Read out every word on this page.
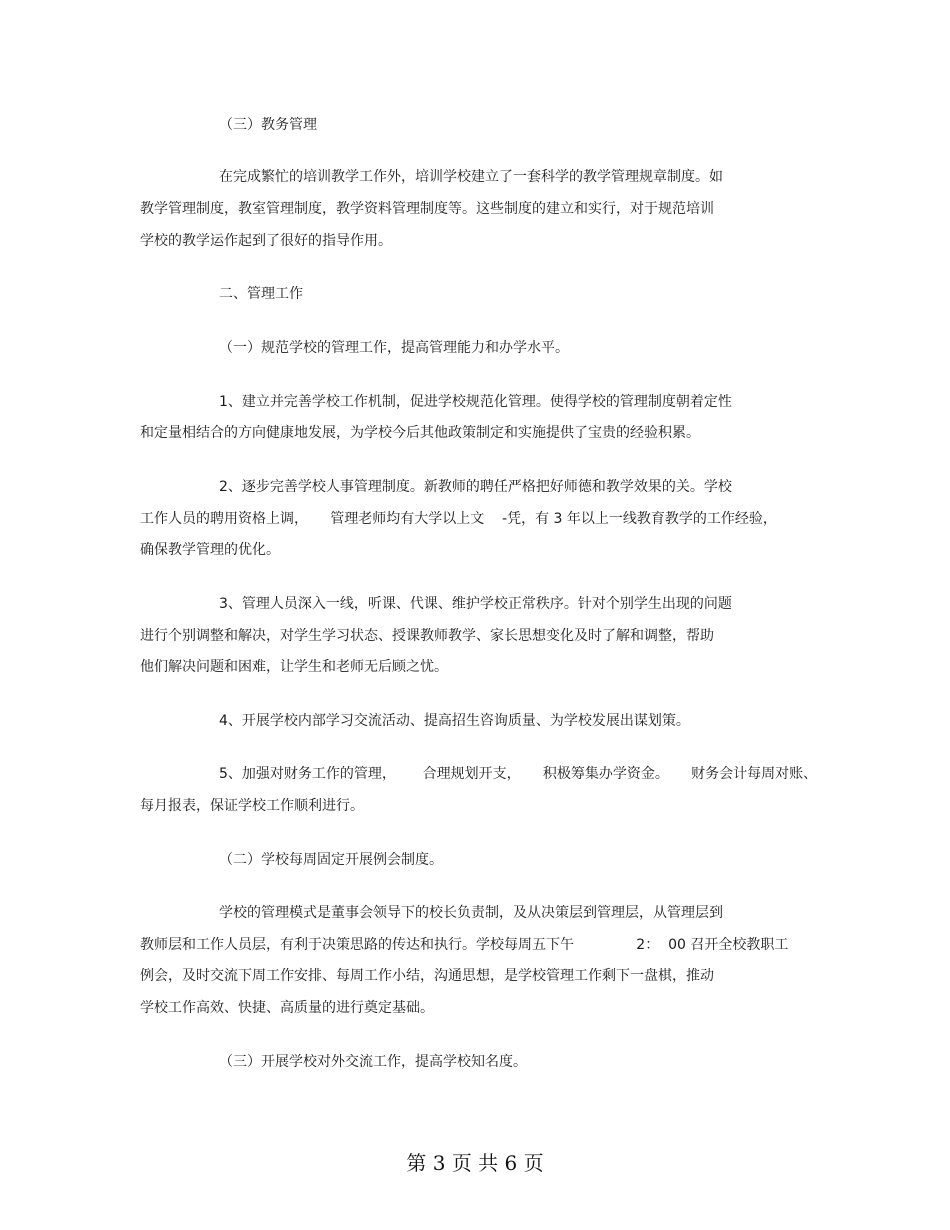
（三）教务管理
在完成繁忙的培训教学工作外，培训学校建立了一套科学的教学管理规章制度。如
教学管理制度，教室管理制度，教学资料管理制度等。这些制度的建立和实行，对于规范培训
学校的教学运作起到了很好的指导作用。
二、管理工作
（一）规范学校的管理工作，提高管理能力和办学水平。
1、建立并完善学校工作机制，促进学校规范化管理。使得学校的管理制度朝着定性
和定量相结合的方向健康地发展，为学校今后其他政策制定和实施提供了宝贵的经验积累。
2、逐步完善学校人事管理制度。新教师的聘任严格把好师德和教学效果的关。学校
工作人员的聘用资格上调，     管理老师均有大学以上文    -凭，有 3 年以上一线教育教学的工作经验，
确保教学管理的优化。
3、管理人员深入一线，听课、代课、维护学校正常秩序。针对个别学生出现的问题
进行个别调整和解决，对学生学习状态、授课教师教学、家长思想变化及时了解和调整，帮助
他们解决问题和困难，让学生和老师无后顾之忧。
4、开展学校内部学习交流活动、提高招生咨询质量、为学校发展出谋划策。
5、加强对财务工作的管理，      合理规划开支，     积极筹集办学资金。     财务会计每周对账、
每月报表，保证学校工作顺利进行。
（二）学校每周固定开展例会制度。
学校的管理模式是董事会领导下的校长负责制，及从决策层到管理层，从管理层到
教师层和工作人员层，有利于决策思路的传达和执行。学校每周五下午              2：  00 召开全校教职工
例会，及时交流下周工作安排、每周工作小结，沟通思想，是学校管理工作剩下一盘棋，推动
学校工作高效、快捷、高质量的进行奠定基础。
（三）开展学校对外交流工作，提高学校知名度。
第 3 页 共 6 页
